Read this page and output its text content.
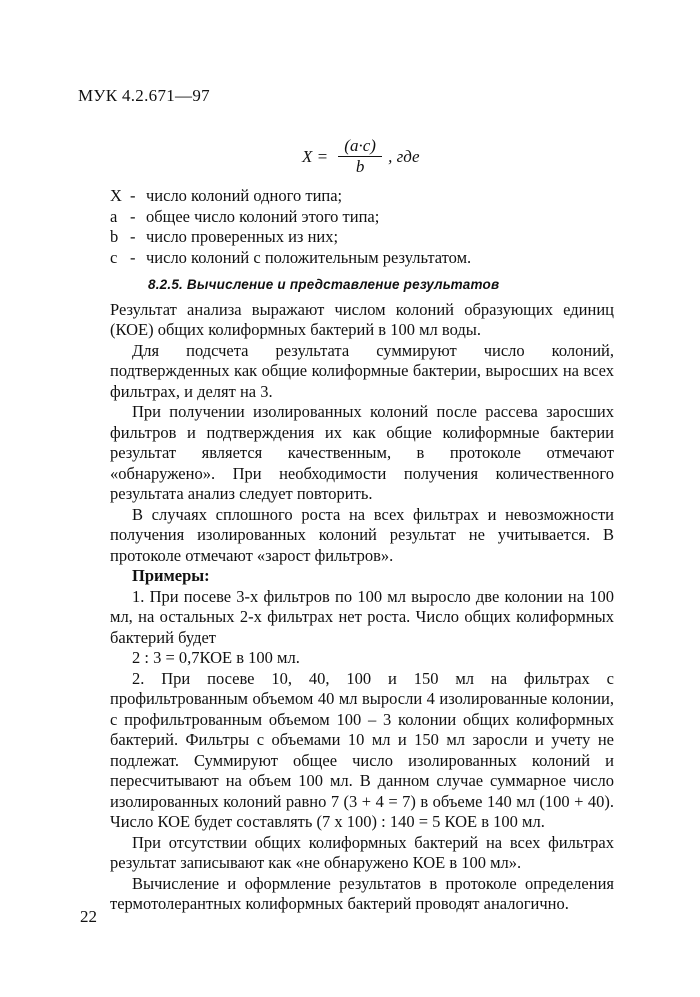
МУК 4.2.671—97
$X = \frac{(a\cdot c)}{b}$ , где
X - число колоний одного типа;
а - общее число колоний этого типа;
b - число проверенных из них;
с - число колоний с положительным результатом.
8.2.5. Вычисление и представление результатов

Результат анализа выражают числом колоний образующих единиц (КОЕ) общих колиформных бактерий в 100 мл воды.

Для подсчета результата суммируют число колоний, подтвержденных как общие колиформные бактерии, выросших на всех фильтрах, и делят на 3.

При получении изолированных колоний после рассева заросших фильтров и подтверждения их как общие колиформные бактерии результат является качественным, в протоколе отмечают «обнаружено». При необходимости получения количественного результата анализ следует повторить.

В случаях сплошного роста на всех фильтрах и невозможности получения изолированных колоний результат не учитывается. В протоколе отмечают «зарост фильтров».

Примеры:

1. При посеве 3-х фильтров по 100 мл выросло две колонии на 100 мл, на остальных 2-х фильтрах нет роста. Число общих колиформных бактерий будет

2 : 3 = 0,7КОЕ в 100 мл.

2. При посеве 10, 40, 100 и 150 мл на фильтрах с профильтрованным объемом 40 мл выросли 4 изолированные колонии, с профильтрованным объемом 100 – 3 колонии общих колиформных бактерий. Фильтры с объемами 10 мл и 150 мл заросли и учету не подлежат. Суммируют общее число изолированных колоний и пересчитывают на объем 100 мл. В данном случае суммарное число изолированных колоний равно 7 (3 + 4 = 7) в объеме 140 мл (100 + 40). Число КОЕ будет составлять (7 х 100) : 140 = 5 КОЕ в 100 мл.

При отсутствии общих колиформных бактерий на всех фильтрах результат записывают как «не обнаружено КОЕ в 100 мл».

Вычисление и оформление результатов в протоколе определения термотолерантных колиформных бактерий проводят аналогично.

22
